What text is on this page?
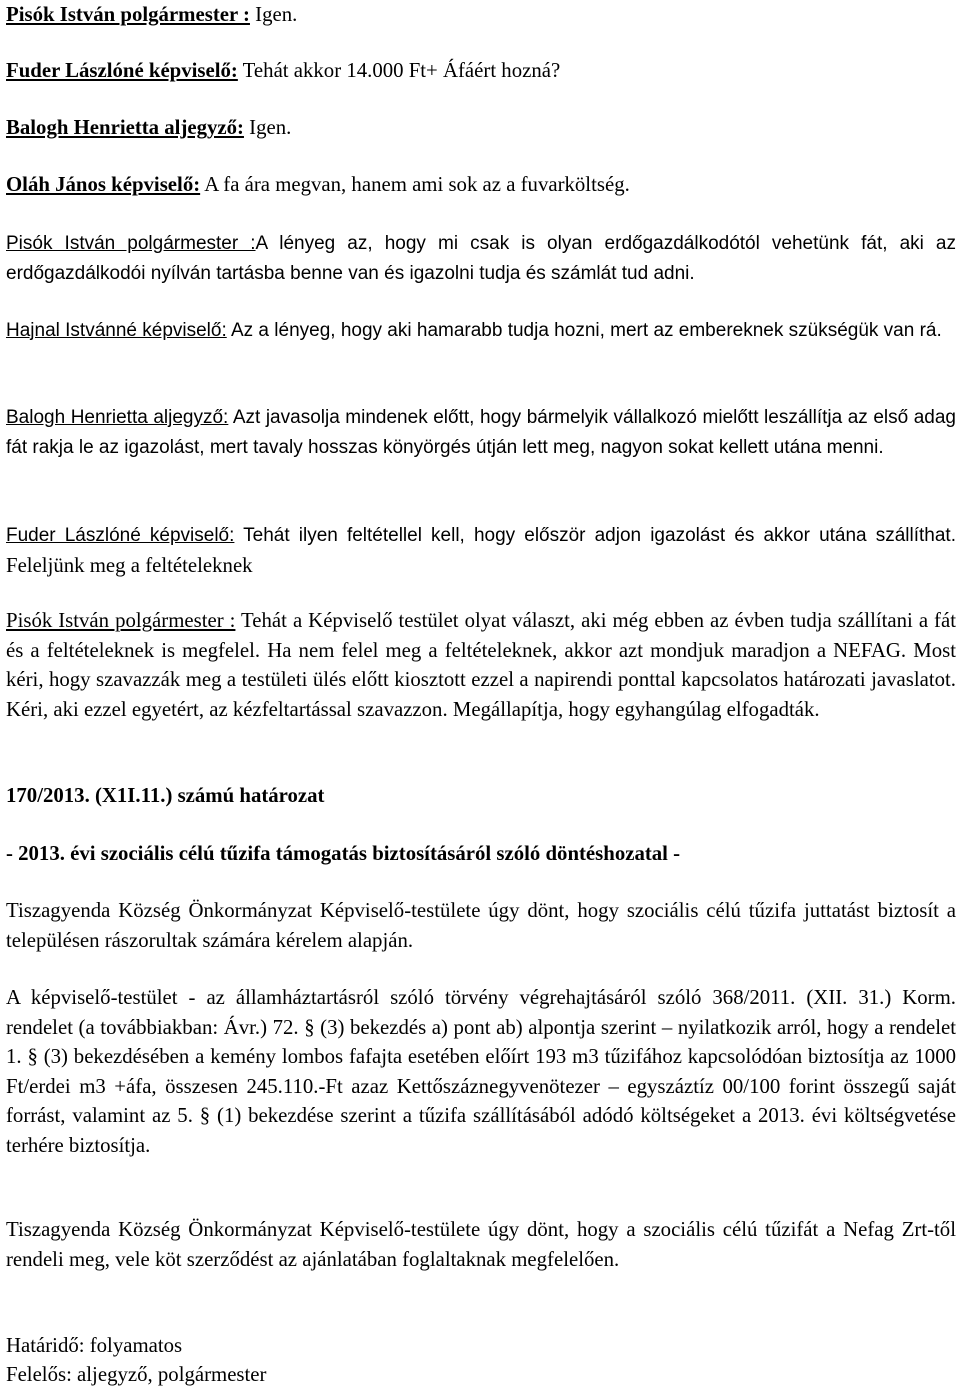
Pisók István polgármester : Igen.
Fuder Lászlóné képviselő: Tehát akkor 14.000 Ft+ Áfáért hozná?
Balogh Henrietta aljegyző: Igen.
Oláh János képviselő: A fa ára megvan, hanem ami sok az a fuvarköltség.
Pisók István polgármester :A lényeg az, hogy mi csak is olyan erdőgazdálkodótól vehetünk fát, aki az erdőgazdálkodói nyílván tartásba benne van és igazolni tudja és számlát tud adni.
Hajnal Istvánné képviselő: Az a lényeg, hogy aki hamarabb tudja hozni, mert az embereknek szükségük van rá.
Balogh Henrietta aljegyző: Azt javasolja mindenek előtt, hogy bármelyik vállalkozó mielőtt leszállítja az első adag fát rakja le az igazolást, mert tavaly hosszas könyörgés útján lett meg, nagyon sokat kellett utána menni.
Fuder Lászlóné képviselő: Tehát ilyen feltétellel kell, hogy először adjon igazolást és akkor utána szállíthat. Feleljünk meg a feltételeknek
Pisók István polgármester : Tehát a Képviselő testület olyat választ, aki még ebben az évben tudja szállítani a fát és a feltételeknek is megfelel. Ha nem felel meg a feltételeknek, akkor azt mondjuk maradjon a NEFAG. Most kéri, hogy szavazzák meg a testületi ülés előtt kiosztott ezzel a napirendi ponttal kapcsolatos határozati javaslatot. Kéri, aki ezzel egyetért, az kézfeltartással szavazzon. Megállapítja, hogy egyhangúlag elfogadták.
170/2013. (X1I.11.) számú határozat
- 2013. évi szociális célú tűzifa támogatás biztosításáról szóló döntéshozatal -
Tiszagyenda Község Önkormányzat Képviselő-testülete úgy dönt, hogy szociális célú tűzifa juttatást biztosít a településen rászorultak számára kérelem alapján.
A képviselő-testület - az államháztartásról szóló törvény végrehajtásáról szóló 368/2011. (XII. 31.) Korm. rendelet (a továbbiakban: Ávr.) 72. § (3) bekezdés a) pont ab) alpontja szerint – nyilatkozik arról, hogy a rendelet 1. § (3) bekezdésében a kemény lombos fafajta esetében előírt 193 m3 tűzifához kapcsolódóan biztosítja az 1000 Ft/erdei m3 +áfa, összesen 245.110.-Ft azaz Kettőszáznegyvenötezer – egyszáztíz 00/100 forint összegű saját forrást, valamint az 5. § (1) bekezdése szerint a tűzifa szállításából adódó költségeket a 2013. évi költségvetése terhére biztosítja.
Tiszagyenda Község Önkormányzat Képviselő-testülete úgy dönt, hogy a szociális célú tűzifát a Nefag Zrt-től rendeli meg, vele köt szerződést az ajánlatában foglaltaknak megfelelően.
Határidő: folyamatos
Felelős: aljegyző, polgármester
